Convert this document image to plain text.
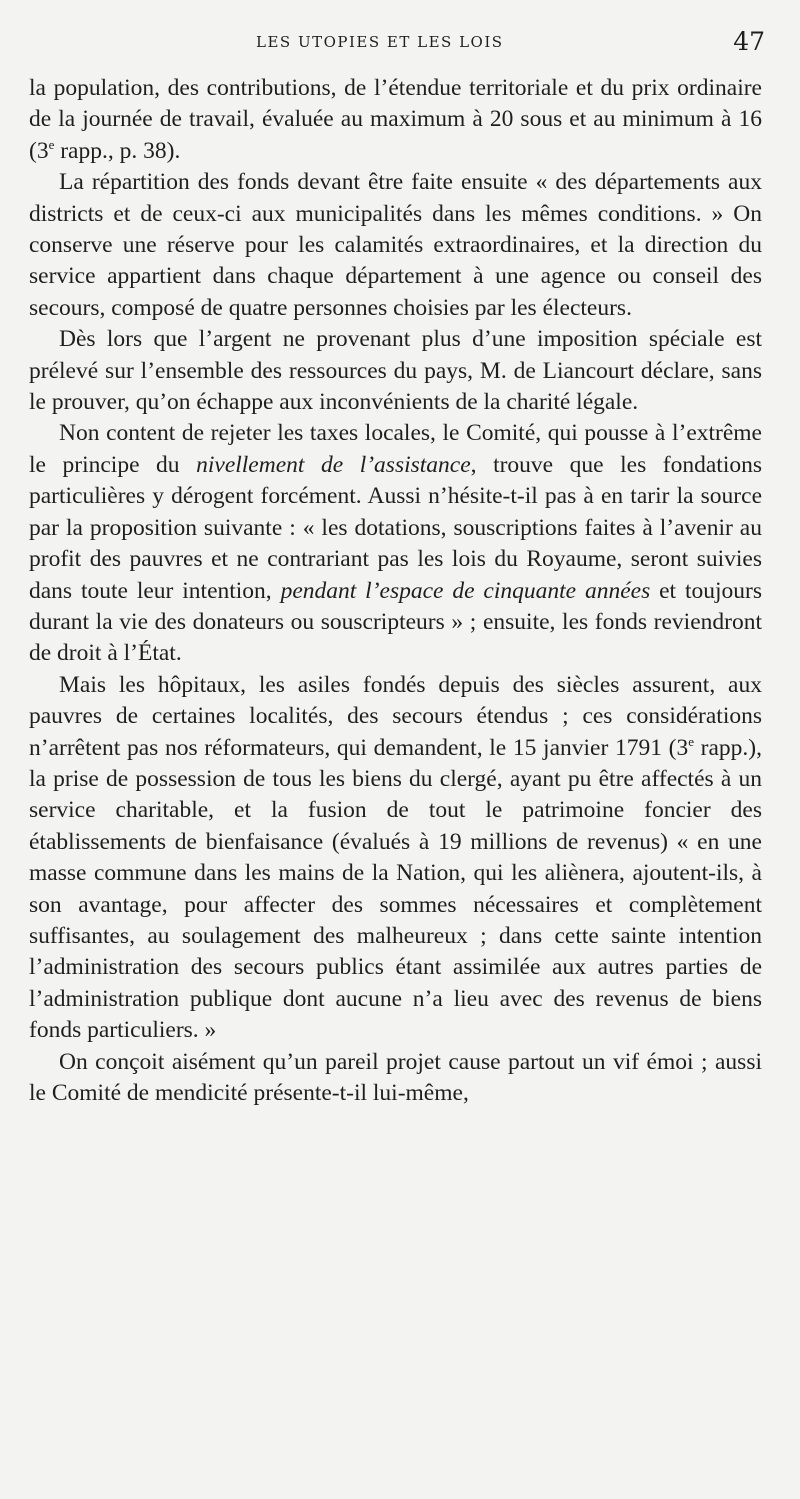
LES UTOPIES ET LES LOIS	47

la population, des contributions, de l’étendue territoriale et du prix ordinaire de la journée de travail, évaluée au maximum à 20 sous et au minimum à 16 (3e rapp., p. 38).

La répartition des fonds devant être faite ensuite « des départements aux districts et de ceux-ci aux municipalités dans les mêmes conditions. » On conserve une réserve pour les calamités extraordinaires, et la direction du service appartient dans chaque département à une agence ou conseil des secours, composé de quatre personnes choisies par les électeurs.

Dès lors que l’argent ne provenant plus d’une imposition spéciale est prélevé sur l’ensemble des ressources du pays, M. de Liancourt déclare, sans le prouver, qu’on échappe aux inconvénients de la charité légale.

Non content de rejeter les taxes locales, le Comité, qui pousse à l’extrême le principe du nivellement de l’assistance, trouve que les fondations particulières y dérogent forcément. Aussi n’hésite-t-il pas à en tarir la source par la proposition suivante : « les dotations, souscriptions faites à l’avenir au profit des pauvres et ne contrariant pas les lois du Royaume, seront suivies dans toute leur intention, pendant l’espace de cinquante années et toujours durant la vie des donateurs ou souscripteurs » ; ensuite, les fonds reviendront de droit à l’État.

Mais les hôpitaux, les asiles fondés depuis des siècles assurent, aux pauvres de certaines localités, des secours étendus ; ces considérations n’arrêtent pas nos réformateurs, qui demandent, le 15 janvier 1791 (3e rapp.), la prise de possession de tous les biens du clergé, ayant pu être affectés à un service charitable, et la fusion de tout le patrimoine foncier des établissements de bienfaisance (évalués à 19 millions de revenus) « en une masse commune dans les mains de la Nation, qui les aliènera, ajoutent-ils, à son avantage, pour affecter des sommes nécessaires et complètement suffisantes, au soulagement des malheureux ; dans cette sainte intention l’administration des secours publics étant assimilée aux autres parties de l’administration publique dont aucune n’a lieu avec des revenus de biens fonds particuliers. »

On conçoit aisément qu’un pareil projet cause partout un vif émoi ; aussi le Comité de mendicité présente-t-il lui-même,
